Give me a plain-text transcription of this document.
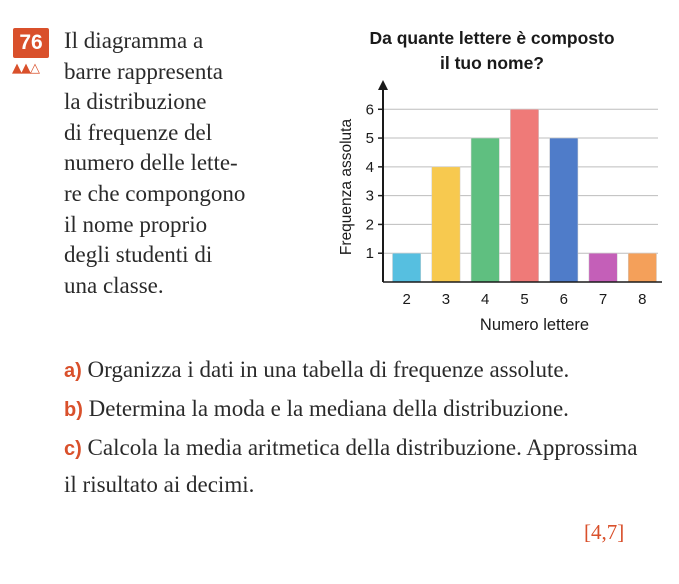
76
▲▲△
Il diagramma a
barre rappresenta
la distribuzione
di frequenze del
numero delle lette-
re che compongono
il nome proprio
degli studenti di
una classe.
Da quante lettere è composto
il tuo nome?
1
2
3
4
5
6
2 3 4 5 6 7 8
Frequenza assoluta
Numero lettere
a) Organizza i dati in una tabella di frequenze assolute.
b) Determina la moda e la mediana della distribuzione.
c) Calcola la media aritmetica della distribuzione. Approssima il risultato ai decimi.
[4,7]
